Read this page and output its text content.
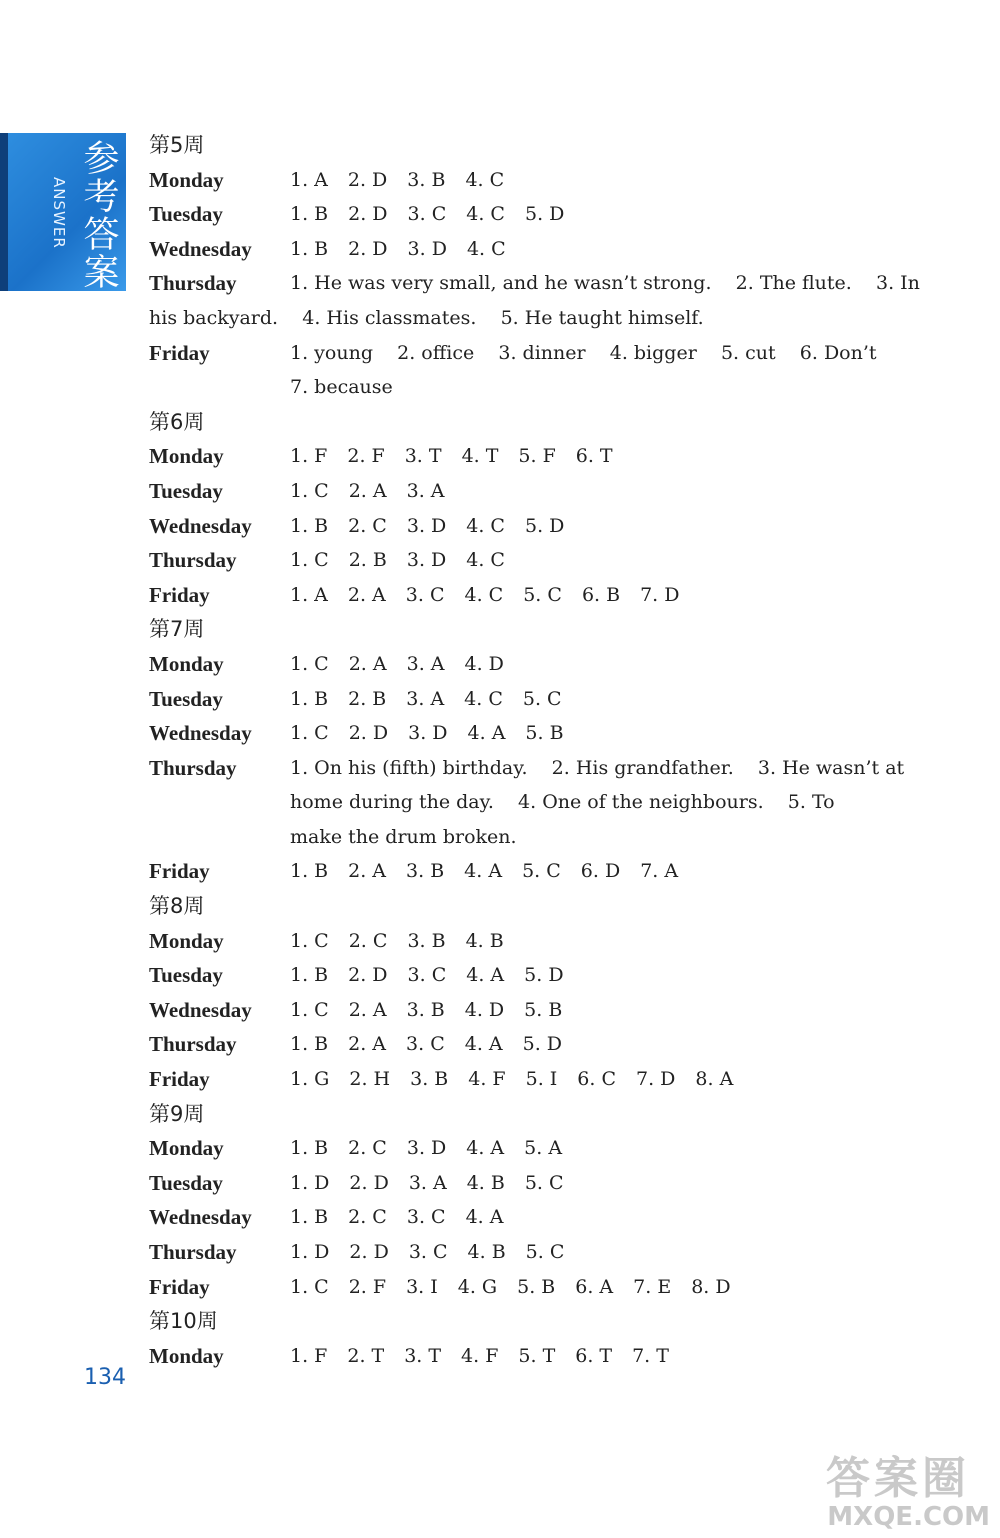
参考答案
ANSWER
第5周
Monday	1. A 2. D 3. B 4. C
Tuesday	1. B 2. D 3. C 4. C 5. D
Wednesday	1. B 2. D 3. D 4. C
Thursday	1. He was very small, and he wasn’t strong.    2. The flute.    3. In
his backyard.    4. His classmates.    5. He taught himself.
Friday	1. young    2. office    3. dinner    4. bigger    5. cut    6. Don’t
7. because
第6周
Monday	1. F 2. F 3. T 4. T 5. F 6. T
Tuesday	1. C 2. A 3. A
Wednesday	1. B 2. C 3. D 4. C 5. D
Thursday	1. C 2. B 3. D 4. C
Friday	1. A 2. A 3. C 4. C 5. C 6. B 7. D
第7周
Monday	1. C 2. A 3. A 4. D
Tuesday	1. B 2. B 3. A 4. C 5. C
Wednesday	1. C 2. D 3. D 4. A 5. B
Thursday	1. On his (fifth) birthday.    2. His grandfather.    3. He wasn’t at
home during the day.    4. One of the neighbours.    5. To make the drum broken.
Friday	1. B 2. A 3. B 4. A 5. C 6. D 7. A
第8周
Monday	1. C 2. C 3. B 4. B
Tuesday	1. B 2. D 3. C 4. A 5. D
Wednesday	1. C 2. A 3. B 4. D 5. B
Thursday	1. B 2. A 3. C 4. A 5. D
Friday	1. G 2. H 3. B 4. F 5. I 6. C 7. D 8. A
第9周
Monday	1. B 2. C 3. D 4. A 5. A
Tuesday	1. D 2. D 3. A 4. B 5. C
Wednesday	1. B 2. C 3. C 4. A
Thursday	1. D 2. D 3. C 4. B 5. C
Friday	1. C 2. F 3. I 4. G 5. B 6. A 7. E 8. D
第10周
Monday	1. F 2. T 3. T 4. F 5. T 6. T 7. T
134
答案圈
MXQE.COM
